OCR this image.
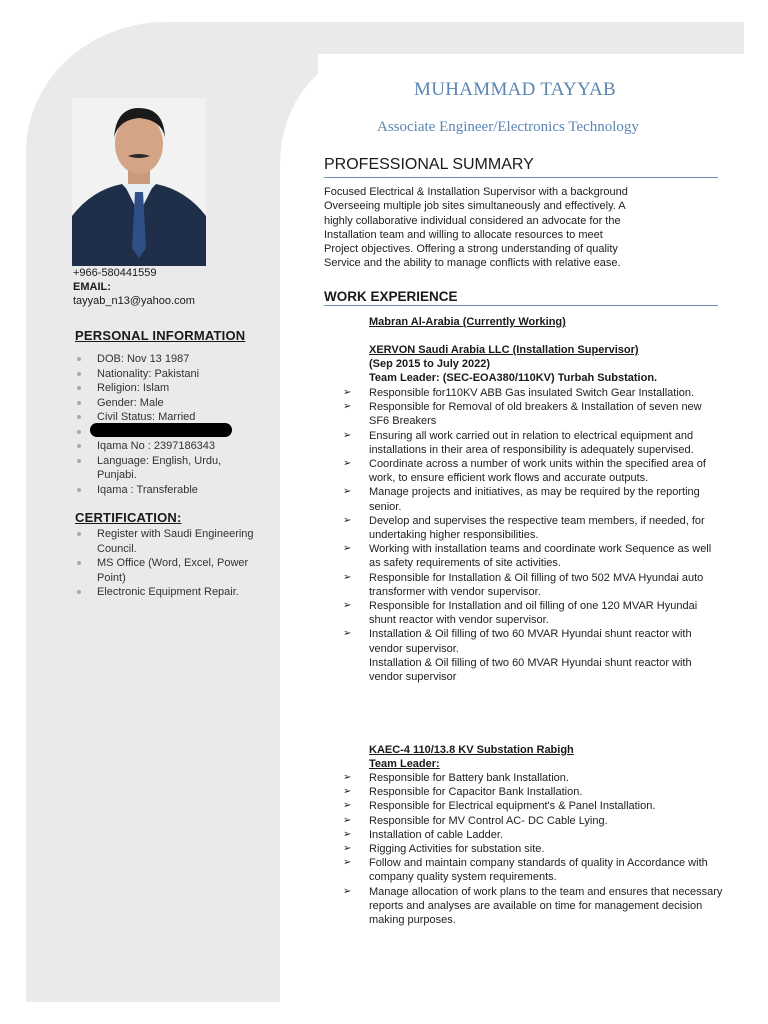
+966-580441559
EMAIL:
tayyab_n13@yahoo.com
PERSONAL INFORMATION
DOB: Nov 13 1987
Nationality: Pakistani
Religion: Islam
Gender: Male
Civil Status: Married
Iqama No : 2397186343
Language: English, Urdu, Punjabi.
Iqama : Transferable
CERTIFICATION:
Register with Saudi Engineering Council.
MS Office (Word, Excel, Power Point)
Electronic Equipment Repair.
MUHAMMAD TAYYAB
Associate Engineer/Electronics Technology
PROFESSIONAL SUMMARY
Focused Electrical & Installation Supervisor with a background
Overseeing multiple job sites simultaneously and effectively. A
highly collaborative individual considered an advocate for the
Installation team and willing to allocate resources to meet
Project objectives. Offering a strong understanding of quality
Service and the ability to manage conflicts with relative ease.
WORK EXPERIENCE
Mabran Al-Arabia (Currently Working)
XERVON Saudi Arabia LLC (Installation Supervisor)
(Sep 2015 to July 2022)
Team Leader: (SEC-EOA380/110KV) Turbah Substation.
➢ Responsible for110KV ABB Gas insulated Switch Gear Installation.
➢ Responsible for Removal of old breakers & Installation of seven new SF6 Breakers
➢ Ensuring all work carried out in relation to electrical equipment and installations in their area of responsibility is adequately supervised.
➢ Coordinate across a number of work units within the specified area of work, to ensure efficient work flows and accurate outputs.
➢ Manage projects and initiatives, as may be required by the reporting senior.
➢ Develop and supervises the respective team members, if needed, for undertaking higher responsibilities.
➢ Working with installation teams and coordinate work Sequence as well as safety requirements of site activities.
➢ Responsible for Installation & Oil filling of two 502 MVA Hyundai auto transformer with vendor supervisor.
➢ Responsible for Installation and oil filling of one 120 MVAR Hyundai shunt reactor with vendor supervisor.
➢ Installation & Oil filling of two 60 MVAR Hyundai shunt reactor with vendor supervisor.
Installation & Oil filling of two 60 MVAR Hyundai shunt reactor with vendor supervisor
KAEC-4 110/13.8 KV Substation Rabigh
Team Leader:
➢ Responsible for Battery bank Installation.
➢ Responsible for Capacitor Bank Installation.
➢ Responsible for Electrical equipment's & Panel Installation.
➢ Responsible for MV Control AC- DC Cable Lying.
➢ Installation of cable Ladder.
➢ Rigging Activities for substation site.
➢ Follow and maintain company standards of quality in Accordance with company quality system requirements.
➢ Manage allocation of work plans to the team and ensures that necessary reports and analyses are available on time for management decision making purposes.
